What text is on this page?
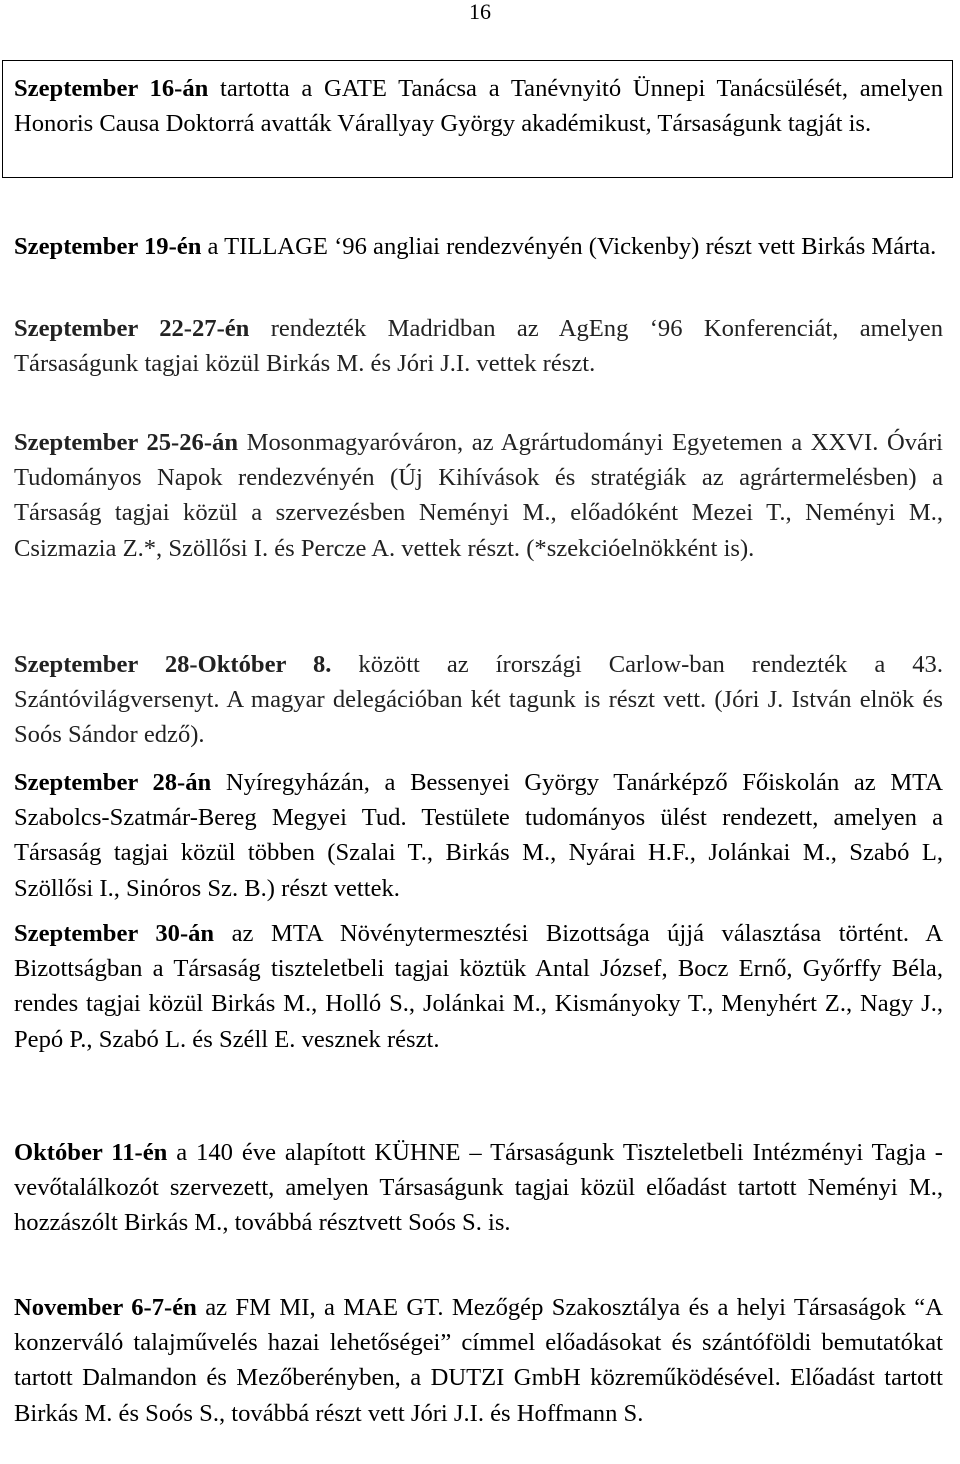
16

Szeptember 16-án tartotta a GATE Tanácsa a Tanévnyitó Ünnepi Tanácsülését, amelyen Honoris Causa Doktorrá avatták Várallyay György akadémikust, Társaságunk tagját is.

Szeptember 19-én a TILLAGE ‘96 angliai rendezvényén (Vickenby) részt vett Birkás Márta.

Szeptember 22-27-én rendezték Madridban az AgEng ‘96 Konferenciát, amelyen Társaságunk tagjai közül Birkás M. és Jóri J.I. vettek részt.

Szeptember 25-26-án Mosonmagyaróváron, az Agrártudományi Egyetemen a XXVI. Óvári Tudományos Napok rendezvényén (Új Kihívások és stratégiák az agrártermelésben) a Társaság tagjai közül a szervezésben Neményi M., előadóként Mezei T., Neményi M., Csizmazia Z.*, Szöllősi I. és Percze A. vettek részt. (*szekcióelnökként is).

Szeptember 28-Október 8. között az írországi Carlow-ban rendezték a 43. Szántóvilágversenyt. A magyar delegációban két tagunk is részt vett. (Jóri J. István elnök és Soós Sándor edző).

Szeptember 28-án Nyíregyházán, a Bessenyei György Tanárképző Főiskolán az MTA Szabolcs-Szatmár-Bereg Megyei Tud. Testülete tudományos ülést rendezett, amelyen a Társaság tagjai közül többen (Szalai T., Birkás M., Nyárai H.F., Jolánkai M., Szabó L, Szöllősi I., Sinóros Sz. B.) részt vettek.

Szeptember 30-án az MTA Növénytermesztési Bizottsága újjá választása történt. A Bizottságban a Társaság tiszteletbeli tagjai köztük Antal József, Bocz Ernő, Győrffy Béla, rendes tagjai közül Birkás M., Holló S., Jolánkai M., Kismányoky T., Menyhért Z., Nagy J., Pepó P., Szabó L. és Széll E. vesznek részt.

Október 11-én a 140 éve alapított KÜHNE – Társaságunk Tiszteletbeli Intézményi Tagja - vevőtalálkozót szervezett, amelyen Társaságunk tagjai közül előadást tartott Neményi M., hozzászólt Birkás M., továbbá résztvett Soós S. is.

November 6-7-én az FM MI, a MAE GT. Mezőgép Szakosztálya és a helyi Társaságok “A konzerváló talajművelés hazai lehetőségei” címmel előadásokat és szántóföldi bemutatókat tartott Dalmandon és Mezőberényben, a DUTZI GmbH közreműködésével. Előadást tartott Birkás M. és Soós S., továbbá részt vett Jóri J.I. és Hoffmann S.
